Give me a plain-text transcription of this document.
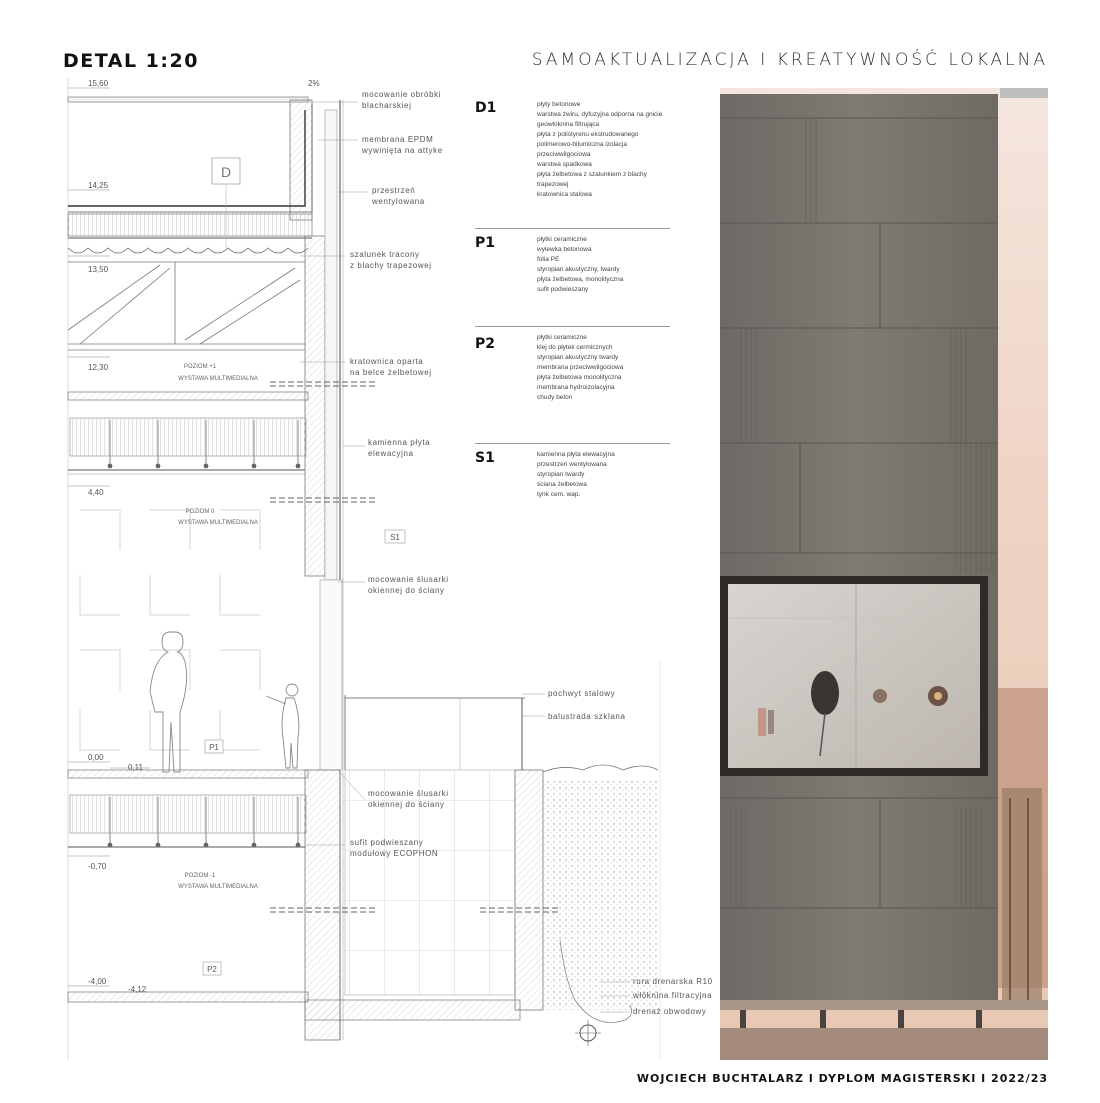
DETAL 1:20	SAMOAKTUALIZACJA I KREATYWNOŚĆ LOKALNA
15,60
14,25
13,50
12,30
4,40
0,00
0,11
-0,70
-4,00
-4,12
2%
POZIOM +1
WYSTAWA MULTIMEDIALNA
POZIOM 0
WYSTAWA MULTIMEDIALNA
POZIOM -1
WYSTAWA MULTIMEDIALNA
D
S1
P1
P2
mocowanie obróbki
blacharskiej
membrana EPDM
wywinięta na attyke
przestrzeń
wentylowana
szalunek tracony
z blachy trapezowej
kratownica oparta
na belce żelbetowej
kamienna płyta
elewacyjna
mocowanie ślusarki
okiennej do ściany
pochwyt stalowy
balustrada szklana
mocowanie ślusarki
okiennej do ściany
sufit podwieszany
modułowy ECOPHON
rura drenarska R10
włóknina filtracyjna
drenaż obwodowy
D1	płyty betonowe
warstwa żwiru, dyfuzyjna odporna na gnicie
geowłóknina filtrująca
płyta z polistyrenu ekstrudowanego
polimerowo-bitumiczna izolacja przeciwwilgociowa
warstwa spadkowa
płyta żelbetowa z szalunkiem z blachy trapezowej
kratownica stalowa
P1	płytki ceramiczne
wylewka betonowa
folia PE
styropian akustyczny, twardy
płyta żelbetowa, monolityczna
sufit podwieszany
P2	płytki ceramiczne
klej do płytek cermicznych
styropian akustyczny twardy
membrana przeciwwilgociowa
płyta żelbetowa monolityczna
membrana hydroizolacyjna
chudy beton
S1	kamienna płyta elewacyjna
przestrzeń wentylowana
styropian twardy
ściana żelbetowa
tynk cem. wap.
WOJCIECH BUCHTALARZ I DYPLOM MAGISTERSKI I 2022/23
